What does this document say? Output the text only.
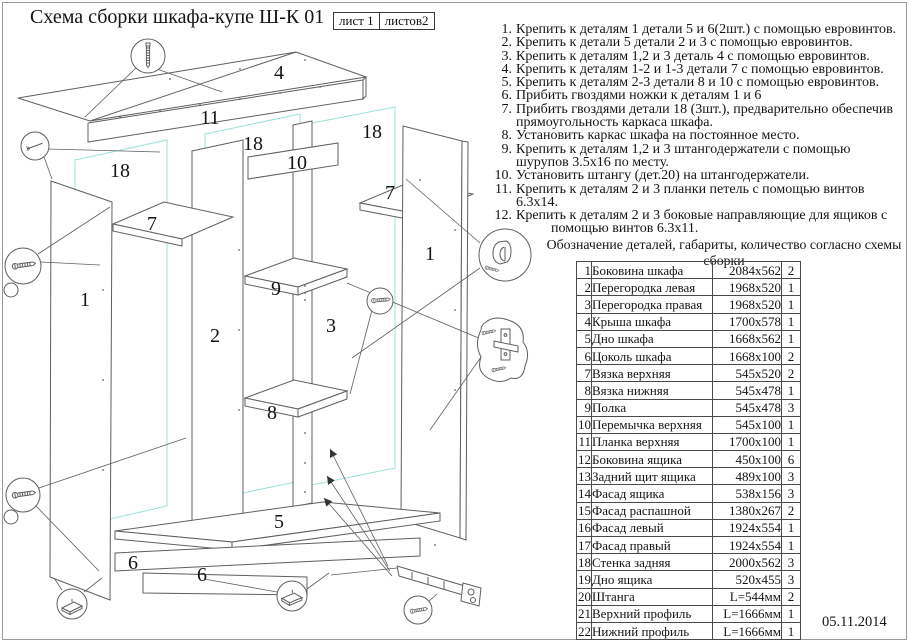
4
11
18
18
18
10
7
7
1
1
2
9
3
8
5
6
6
Схема сборки шкафа-купе Ш-К 01	лист 1 листов2
1. Крепить к деталям 1 детали 5 и 6(2шт.) с помощью евровинтов.
2. Крепить к детали 5 детали 2 и 3 с помощью евровинтов.
3. Крепить к деталям 1,2 и 3 деталь 4 с помощью евровинтов.
4. Крепить к деталям 1-2 и 1-3 детали 7 с помощью евровинтов.
5. Крепить к деталям 2-3 детали 8 и 10 с помощью евровинтов.
6. Прибить гвоздями ножки к деталям 1 и 6
7. Прибить гвоздями детали 18 (3шт.), предварительно обеспечив
прямоугольность каркаса шкафа.
8. Установить каркас шкафа на постоянное место.
9. Крепить к деталям 1,2 и 3 штангодержатели с помощью
шурупов 3.5x16 по месту.
10. Установить штангу (дет.20) на штангодержатели.
11. Крепить к деталям 2 и 3 планки петель с помощью винтов 6.3x14.
12. Крепить к деталям 2 и 3 боковые направляющие для ящиков с
помощью винтов 6.3x11.
Обозначение деталей, габариты, количество согласно схемы сборки
1	Боковина шкафа	2084x562	2
2	Перегородка левая	1968x520	1
3	Перегородка правая	1968x520	1
4	Крыша шкафа	1700x578	1
5	Дно шкафа	1668x562	1
6	Цоколь шкафа	1668x100	2
7	Вязка верхняя	545x520	2
8	Вязка нижняя	545x478	1
9	Полка	545x478	3
10	Перемычка верхняя	545x100	1
11	Планка верхняя	1700x100	1
12	Боковина ящика	450x100	6
13	Задний щит ящика	489x100	3
14	Фасад ящика	538x156	3
15	Фасад распашной	1380x267	2
16	Фасад левый	1924x554	1
17	Фасад правый	1924x554	1
18	Стенка задняя	2000x562	3
19	Дно ящика	520x455	3
20	Штанга	L=544мм	2
21	Верхний профиль	L=1666мм	1
22	Нижний профиль	L=1666мм	1
05.11.2014
